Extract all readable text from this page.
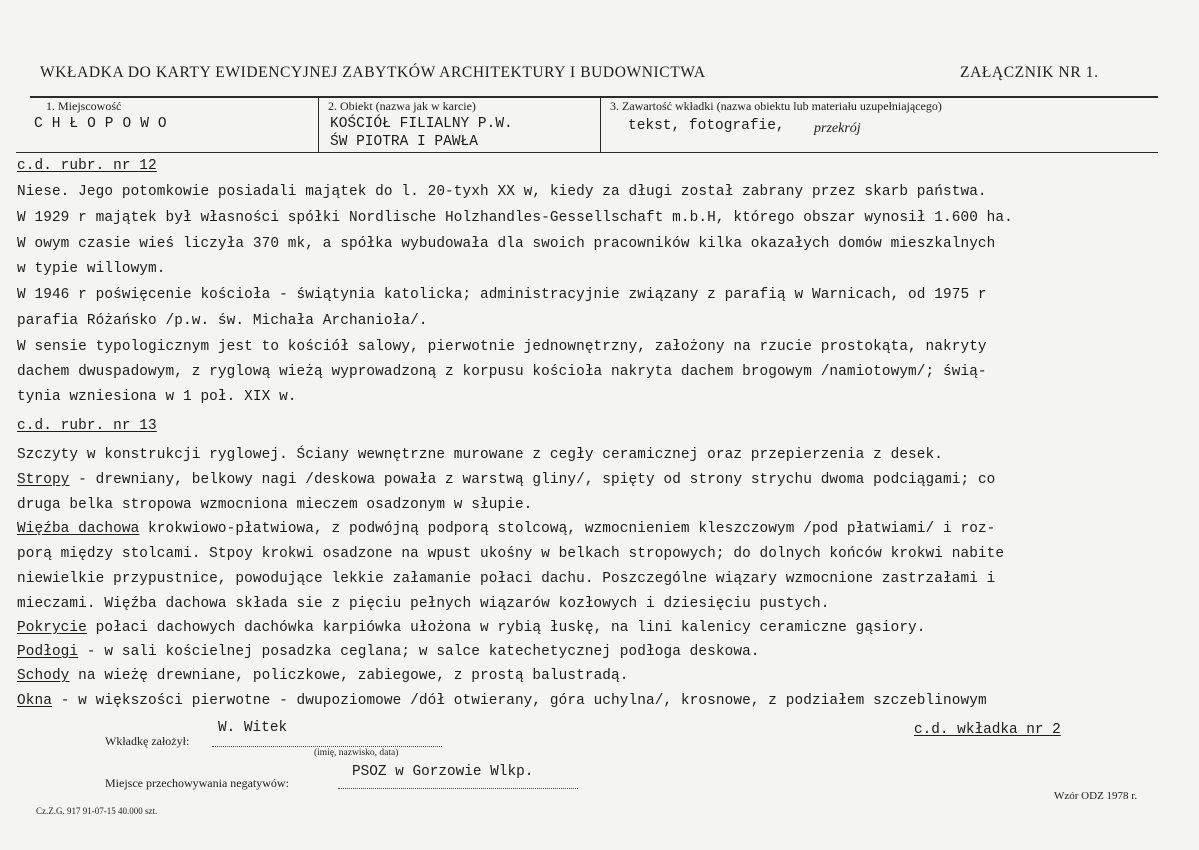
WKŁADKA DO KARTY EWIDENCYJNEJ ZABYTKÓW ARCHITEKTURY I BUDOWNICTWA	ZAŁĄCZNIK NR 1.
1. Miejscowość
CHŁOPOWO
2. Obiekt (nazwa jak w karcie)
KOŚCIÓŁ FILIALNY P.W.
ŚW PIOTRA I PAWŁA
3. Zawartość wkładki (nazwa obiektu lub materiału uzupełniającego)
tekst, fotografie, przekrój
c.d. rubr. nr 12
Niese. Jego potomkowie posiadali majątek do l. 20-tyxh XX w, kiedy za długi został zabrany przez skarb państwa.
W 1929 r majątek był własności spółki Nordlische Holzhandles-Gessellschaft m.b.H, którego obszar wynosił 1.600 ha.
W owym czasie wieś liczyła 370 mk, a spółka wybudowała dla swoich pracowników kilka okazałych domów mieszkalnych
w typie willowym.
W 1946 r poświęcenie kościoła - świątynia katolicka; administracyjnie związany z parafią w Warnicach, od 1975 r
parafia Różańsko /p.w. św. Michała Archanioła/.
W sensie typologicznym jest to kościół salowy, pierwotnie jednownętrzny, założony na rzucie prostokąta, nakryty
dachem dwuspadowym, z ryglową wieżą wyprowadzoną z korpusu kościoła nakryta dachem brogowym /namiotowym/; świą-
tynia wzniesiona w 1 poł. XIX w.
c.d. rubr. nr 13
Szczyty w konstrukcji ryglowej. Ściany wewnętrzne murowane z cegły ceramicznej oraz przepierzenia z desek.
Stropy - drewniany, belkowy nagi /deskowa powała z warstwą gliny/, spięty od strony strychu dwoma podciągami; co
druga belka stropowa wzmocniona mieczem osadzonym w słupie.
Więźba dachowa krokwiowo-płatwiowa, z podwójną podporą stolcową, wzmocnieniem kleszczowym /pod płatwiami/ i roz-
porą między stolcami. Stpoy krokwi osadzone na wpust ukośny w belkach stropowych; do dolnych końców krokwi nabite
niewielkie przypustnice, powodujące lekkie załamanie połaci dachu. Poszczególne wiązary wzmocnione zastrzałami i
mieczami. Więźba dachowa składa sie z pięciu pełnych wiązarów kozłowych i dziesięciu pustych.
Pokrycie połaci dachowych dachówka karpiówka ułożona w rybią łuskę, na lini kalenicy ceramiczne gąsiory.
Podłogi - w sali kościelnej posadzka ceglana; w salce katechetycznej podłoga deskowa.
Schody na wieżę drewniane, policzkowe, zabiegowe, z prostą balustradą.
Okna - w większości pierwotne - dwupoziomowe /dół otwierany, góra uchylna/, krosnowe, z podziałem szczeblinowym
Wkładkę założył:
W. Witek
(imię, nazwisko, data)
c.d. wkładka nr 2
Miejsce przechowywania negatywów:
PSOZ w Gorzowie Wlkp.
Cz.Z.G. 917 91-07-15 40.000 szt.
Wzór ODZ 1978 r.
